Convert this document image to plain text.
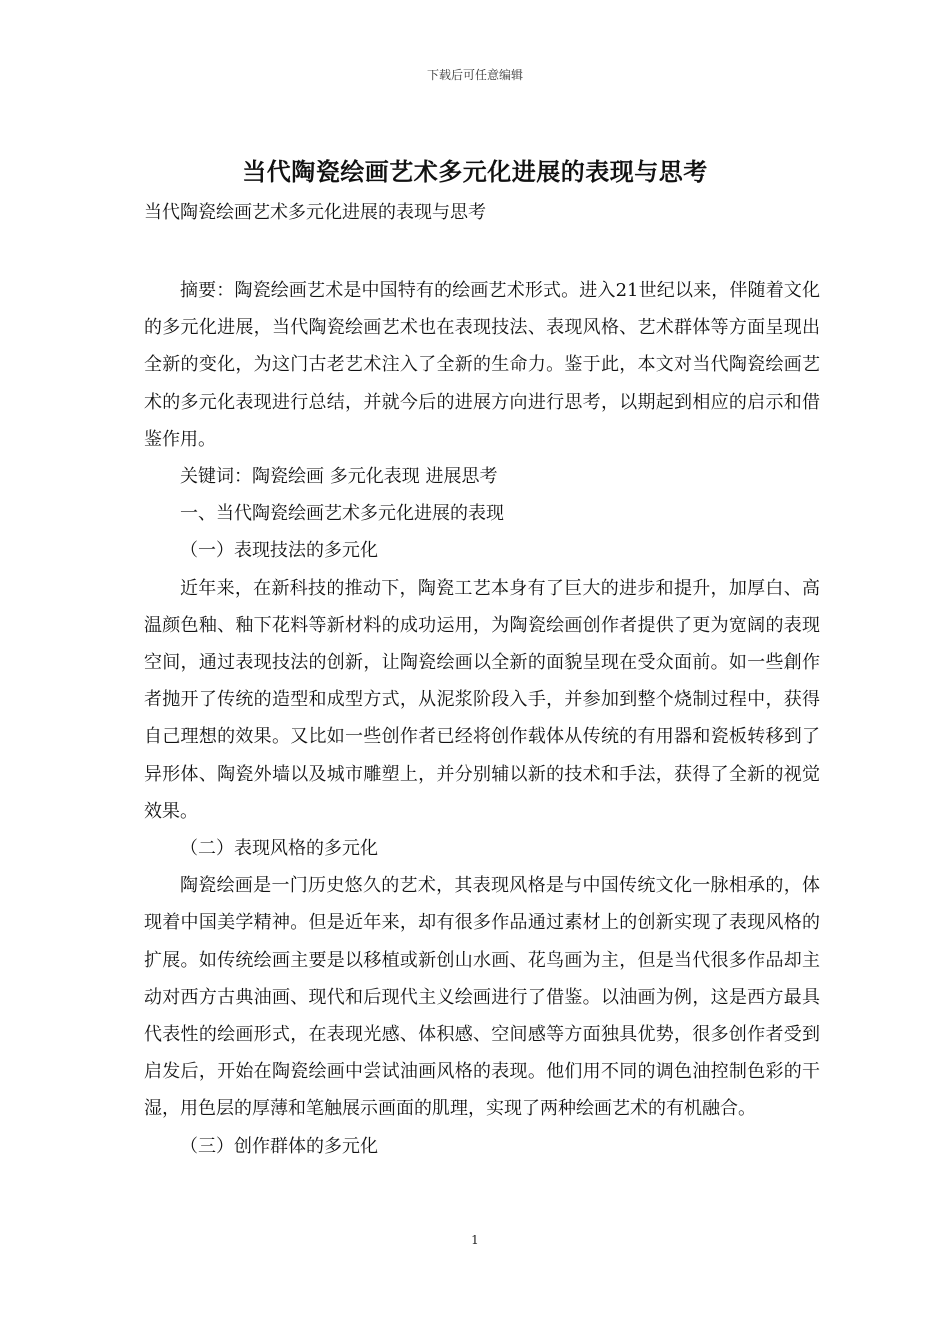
下载后可任意编辑
当代陶瓷绘画艺术多元化进展的表现与思考
当代陶瓷绘画艺术多元化进展的表现与思考

摘要：陶瓷绘画艺术是中国特有的绘画艺术形式。进入21世纪以来，伴随着文化的多元化进展，当代陶瓷绘画艺术也在表现技法、表现风格、艺术群体等方面呈现出全新的变化，为这门古老艺术注入了全新的生命力。鉴于此，本文对当代陶瓷绘画艺术的多元化表现进行总结，并就今后的进展方向进行思考，以期起到相应的启示和借鉴作用。

关键词：陶瓷绘画 多元化表现 进展思考

一、当代陶瓷绘画艺术多元化进展的表现

（一）表现技法的多元化

近年来，在新科技的推动下，陶瓷工艺本身有了巨大的进步和提升，加厚白、高温颜色釉、釉下花料等新材料的成功运用，为陶瓷绘画创作者提供了更为宽阔的表现空间，通过表现技法的创新，让陶瓷绘画以全新的面貌呈现在受众面前。如一些創作者抛开了传统的造型和成型方式，从泥浆阶段入手，并参加到整个烧制过程中，获得自己理想的效果。又比如一些创作者已经将创作载体从传统的有用器和瓷板转移到了异形体、陶瓷外墙以及城市雕塑上，并分别辅以新的技术和手法，获得了全新的视觉效果。

（二）表现风格的多元化

陶瓷绘画是一门历史悠久的艺术，其表现风格是与中国传统文化一脉相承的，体现着中国美学精神。但是近年来，却有很多作品通过素材上的创新实现了表现风格的扩展。如传统绘画主要是以移植或新创山水画、花鸟画为主，但是当代很多作品却主动对西方古典油画、现代和后现代主义绘画进行了借鉴。以油画为例，这是西方最具代表性的绘画形式，在表现光感、体积感、空间感等方面独具优势，很多创作者受到启发后，开始在陶瓷绘画中尝试油画风格的表现。他们用不同的调色油控制色彩的干湿，用色层的厚薄和笔触展示画面的肌理，实现了两种绘画艺术的有机融合。

（三）创作群体的多元化

1
